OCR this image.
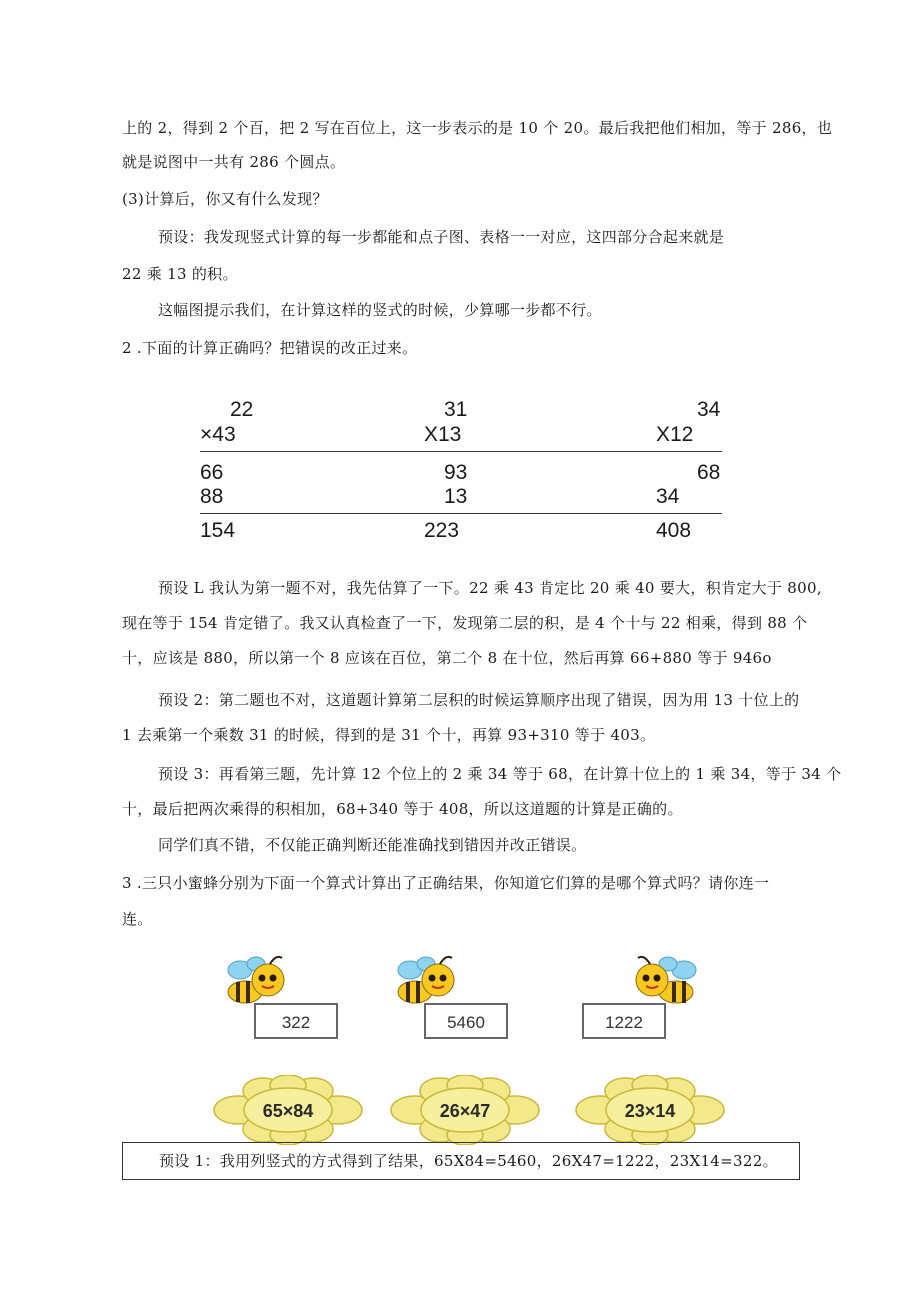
上的 2，得到 2 个百，把 2 写在百位上，这一步表示的是 10 个 20。最后我把他们相加，等于 286，也
就是说图中一共有 286 个圆点。
(3)计算后，你又有什么发现？
预设：我发现竖式计算的每一步都能和点子图、表格一一对应，这四部分合起来就是
22 乘 13 的积。
这幅图提示我们，在计算这样的竖式的时候，少算哪一步都不行。
2 .下面的计算正确吗？把错误的改正过来。
22
×43
66
88
154
31
X13
93
13
223
34
X12
68
34
408
预设 L 我认为第一题不对，我先估算了一下。22 乘 43 肯定比 20 乘 40 要大，积肯定大于 800,
现在等于 154 肯定错了。我又认真检查了一下，发现第二层的积，是 4 个十与 22 相乘，得到 88 个
十，应该是 880，所以第一个 8 应该在百位，第二个 8 在十位，然后再算 66+880 等于 946o
预设 2：第二题也不对，这道题计算第二层积的时候运算顺序出现了错误，因为用 13 十位上的
1 去乘第一个乘数 31 的时候，得到的是 31 个十，再算 93+310 等于 403。
预设 3：再看第三题，先计算 12 个位上的 2 乘 34 等于 68，在计算十位上的 1 乘 34，等于 34 个
十，最后把两次乘得的积相加，68+340 等于 408，所以这道题的计算是正确的。
同学们真不错，不仅能正确判断还能准确找到错因并改正错误。
3 .三只小蜜蜂分别为下面一个算式计算出了正确结果，你知道它们算的是哪个算式吗？请你连一
连。
322	5460	1222
65×84	26×47	23×14
预设 1：我用列竖式的方式得到了结果，65X84=5460，26X47=1222，23X14=322。
